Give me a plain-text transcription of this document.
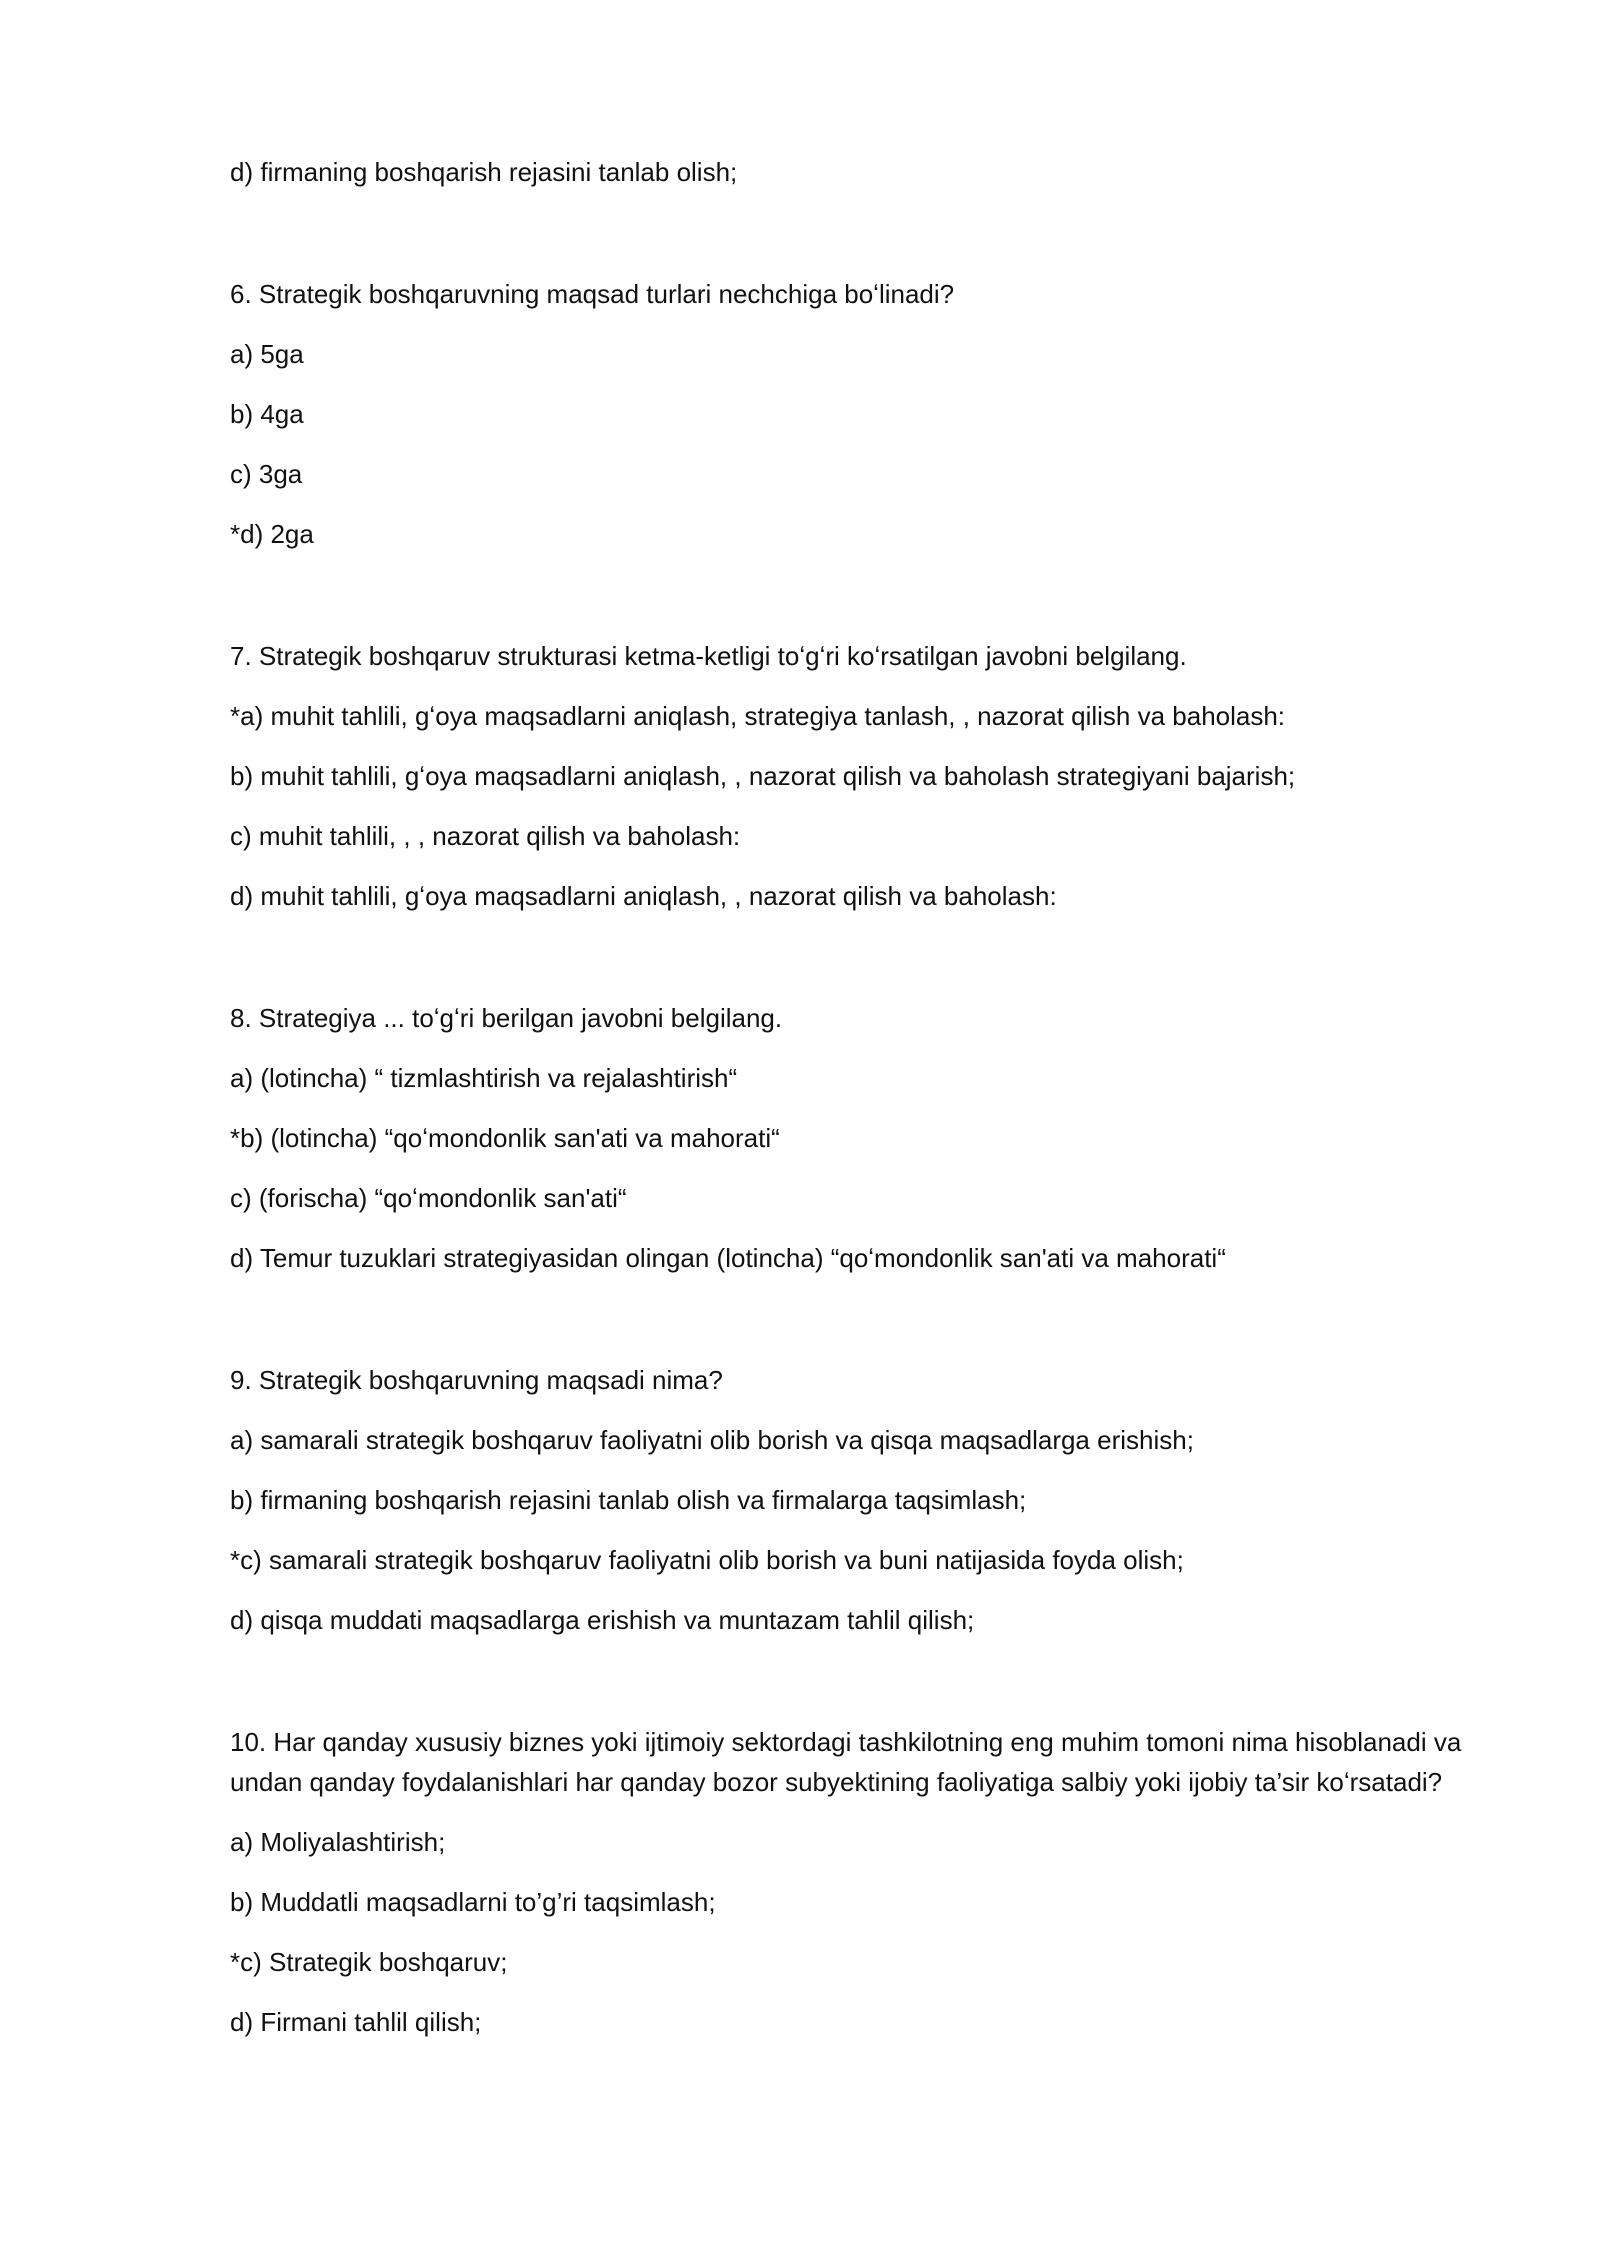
d) firmaning boshqarish rejasini tanlab olish;
6. Strategik boshqaruvning maqsad turlari nechchiga boʻlinadi?
a) 5ga
b) 4ga
c) 3ga
*d) 2ga
7. Strategik boshqaruv strukturasi ketma-ketligi toʻgʻri koʻrsatilgan javobni belgilang.
*a) muhit tahlili, gʻoya maqsadlarni aniqlash, strategiya tanlash, , nazorat qilish va baholash:
b) muhit tahlili, gʻoya maqsadlarni aniqlash, , nazorat qilish va baholash strategiyani bajarish;
c) muhit tahlili, , , nazorat qilish va baholash:
d) muhit tahlili, gʻoya maqsadlarni aniqlash, , nazorat qilish va baholash:
8. Strategiya ... toʻgʻri berilgan javobni belgilang.
a) (lotincha) “ tizmlashtirish va rejalashtirish“
*b) (lotincha) “qoʻmondonlik san'ati va mahorati“
c) (forischa) “qoʻmondonlik san'ati“
d) Temur tuzuklari strategiyasidan olingan (lotincha) “qoʻmondonlik san'ati va mahorati“
9. Strategik boshqaruvning maqsadi nima?
a) samarali strategik boshqaruv faoliyatni olib borish va qisqa maqsadlarga erishish;
b) firmaning boshqarish rejasini tanlab olish va firmalarga taqsimlash;
*c) samarali strategik boshqaruv faoliyatni olib borish va buni natijasida foyda olish;
d) qisqa muddati maqsadlarga erishish va muntazam tahlil qilish;
10. Har qanday xususiy biznes yoki ijtimoiy sektordagi tashkilotning eng muhim tomoni nima hisoblanadi va undan qanday foydalanishlari har qanday bozor subyektining faoliyatiga salbiy yoki ijobiy ta’sir koʻrsatadi?
a) Moliyalashtirish;
b) Muddatli maqsadlarni to’g’ri taqsimlash;
*c) Strategik boshqaruv;
d) Firmani tahlil qilish;
